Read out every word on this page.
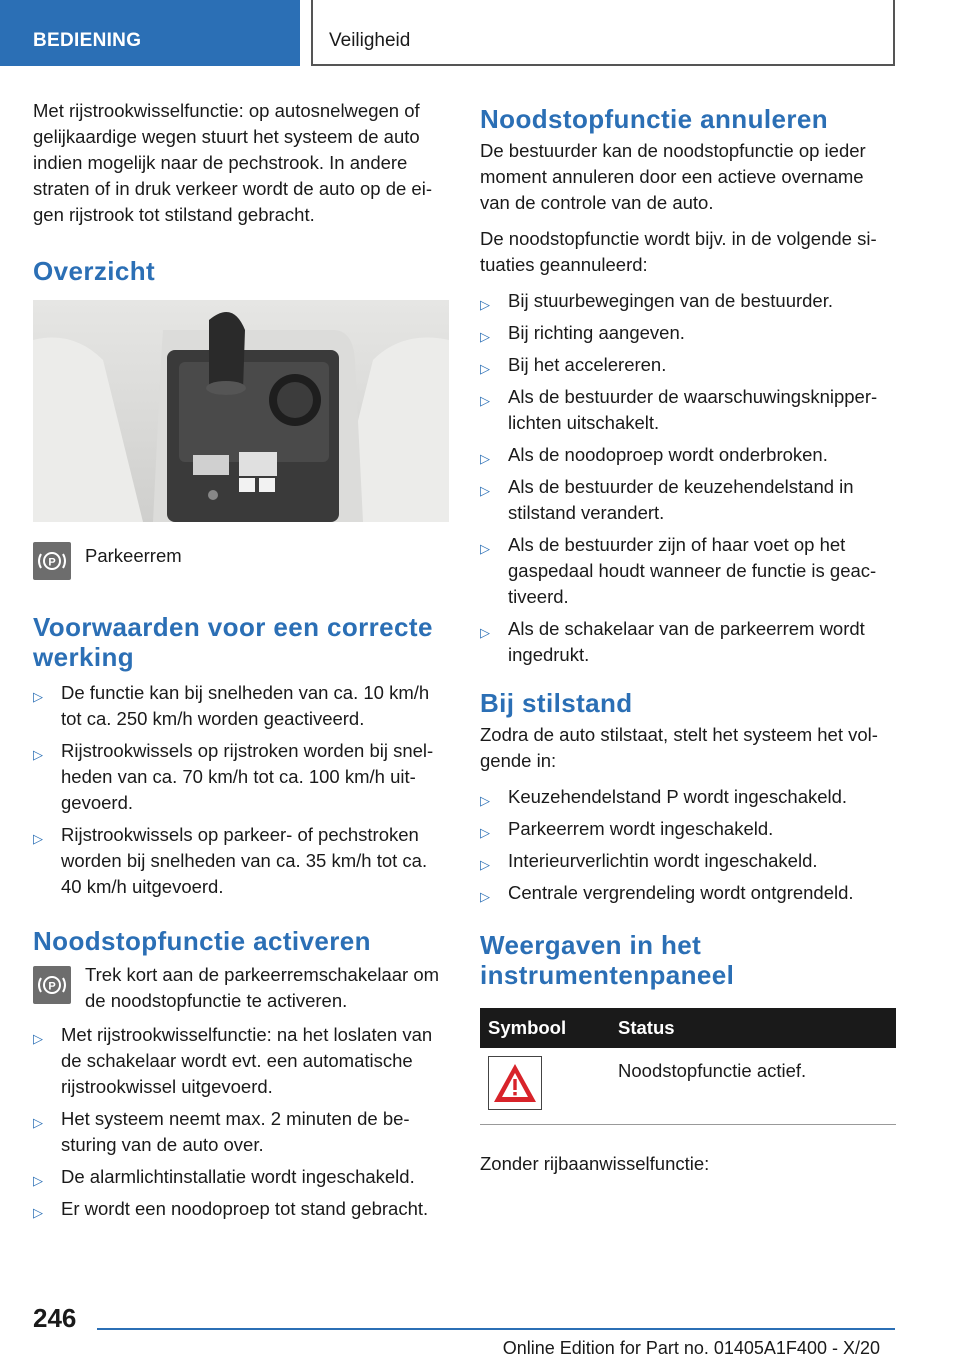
BEDIENING	Veiligheid

Met rijstrookwisselfunctie: op autosnelwegen of gelijkaardige wegen stuurt het systeem de auto indien mogelijk naar de pechstrook. In andere straten of in druk verkeer wordt de auto op de eigen rijstrook tot stilstand gebracht.

Overzicht
P Parkeerrem
Voorwaarden voor een correcte werking
▷ De functie kan bij snelheden van ca. 10 km/h tot ca. 250 km/h worden geactiveerd.
▷ Rijstrookwissels op rijstroken worden bij snelheden van ca. 70 km/h tot ca. 100 km/h uitgevoerd.
▷ Rijstrookwissels op parkeer- of pechstroken worden bij snelheden van ca. 35 km/h tot ca. 40 km/h uitgevoerd.
Noodstopfunctie activeren
P
Trek kort aan de parkeerremschakelaar om de noodstopfunctie te activeren.
▷ Met rijstrookwisselfunctie: na het loslaten van de schakelaar wordt evt. een automatische rijstrookwissel uitgevoerd.
▷ Het systeem neemt max. 2 minuten de besturing van de auto over.
▷ De alarmlichtinstallatie wordt ingeschakeld.
▷ Er wordt een noodoproep tot stand gebracht.
Noodstopfunctie annuleren

De bestuurder kan de noodstopfunctie op ieder moment annuleren door een actieve overname van de controle van de auto.

De noodstopfunctie wordt bijv. in de volgende situaties geannuleerd:

▷ Bij stuurbewegingen van de bestuurder.
▷ Bij richting aangeven.
▷ Bij het accelereren.
▷ Als de bestuurder de waarschuwingsknipperlichten uitschakelt.
▷ Als de noodoproep wordt onderbroken.
▷ Als de bestuurder de keuzehendelstand in stilstand verandert.
▷ Als de bestuurder zijn of haar voet op het gaspedaal houdt wanneer de functie is geactiveerd.
▷ Als de schakelaar van de parkeerrem wordt ingedrukt.
Bij stilstand

Zodra de auto stilstaat, stelt het systeem het volgende in:

▷ Keuzehendelstand P wordt ingeschakeld.
▷ Parkeerrem wordt ingeschakeld.
▷ Interieurverlichtin wordt ingeschakeld.
▷ Centrale vergrendeling wordt ontgrendeld.
Weergaven in het instrumentenpaneel
Symbool	Status
	Noodstopfunctie actief.

Zonder rijbaanwisselfunctie:

246
Online Edition for Part no. 01405A1F400 - X/20
